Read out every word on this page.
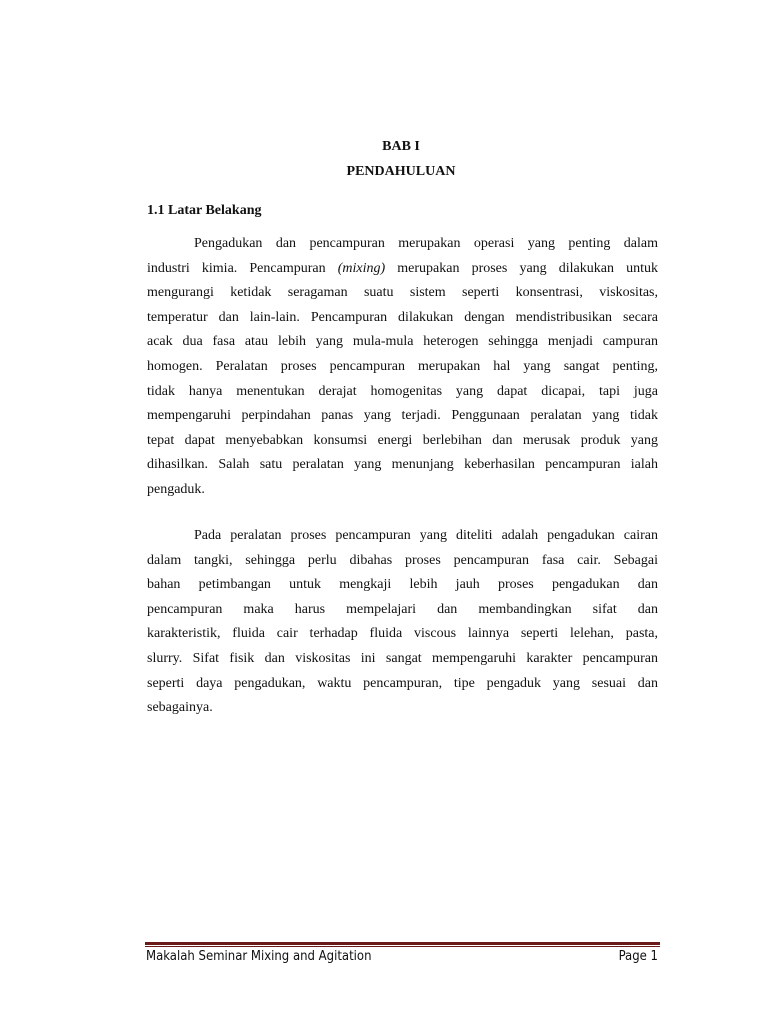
BAB I
PENDAHULUAN
1.1 Latar Belakang
Pengadukan dan pencampuran merupakan operasi yang penting dalam
industri kimia. Pencampuran (mixing) merupakan proses yang dilakukan untuk
mengurangi ketidak seragaman suatu sistem seperti konsentrasi, viskositas,
temperatur dan lain-lain. Pencampuran dilakukan dengan mendistribusikan secara
acak dua fasa atau lebih yang mula-mula heterogen sehingga menjadi campuran
homogen. Peralatan proses pencampuran merupakan hal yang sangat penting,
tidak hanya menentukan derajat homogenitas yang dapat dicapai, tapi juga
mempengaruhi perpindahan panas yang terjadi. Penggunaan peralatan yang tidak
tepat dapat menyebabkan konsumsi energi berlebihan dan merusak produk yang
dihasilkan. Salah satu peralatan yang menunjang keberhasilan pencampuran ialah
pengaduk.
Pada peralatan proses pencampuran yang diteliti adalah pengadukan cairan
dalam tangki, sehingga perlu dibahas proses pencampuran fasa cair. Sebagai
bahan petimbangan untuk mengkaji lebih jauh proses pengadukan dan
pencampuran maka harus mempelajari dan membandingkan sifat dan
karakteristik, fluida cair terhadap fluida viscous lainnya seperti lelehan, pasta,
slurry. Sifat fisik dan viskositas ini sangat mempengaruhi karakter pencampuran
seperti daya pengadukan, waktu pencampuran, tipe pengaduk yang sesuai dan
sebagainya.
Makalah Seminar Mixing and Agitation	Page 1
